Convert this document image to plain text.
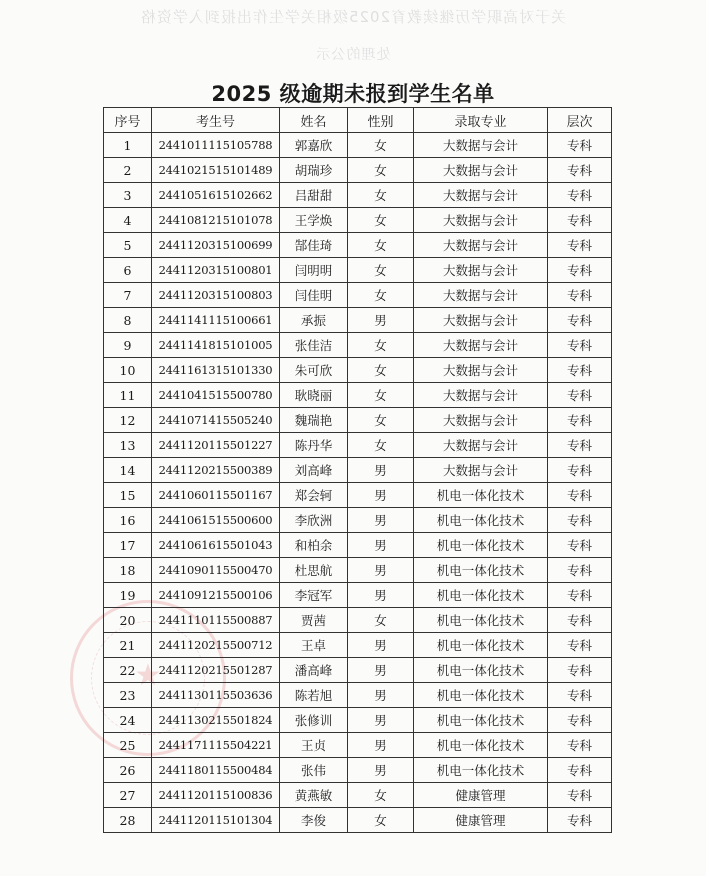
关于对高职学历继续教育2025级相关学生作出报到入学资格
处理的公示
2025 级逾期未报到学生名单
★
序号	考生号	姓名	性别	录取专业	层次
1	2441011115105788	郭嘉欣	女	大数据与会计	专科
2	2441021515101489	胡瑞珍	女	大数据与会计	专科
3	2441051615102662	吕甜甜	女	大数据与会计	专科
4	2441081215101078	王学焕	女	大数据与会计	专科
5	2441120315100699	郜佳琦	女	大数据与会计	专科
6	2441120315100801	闫明明	女	大数据与会计	专科
7	2441120315100803	闫佳明	女	大数据与会计	专科
8	2441141115100661	承振	男	大数据与会计	专科
9	2441141815101005	张佳洁	女	大数据与会计	专科
10	2441161315101330	朱可欣	女	大数据与会计	专科
11	2441041515500780	耿晓丽	女	大数据与会计	专科
12	2441071415505240	魏瑞艳	女	大数据与会计	专科
13	2441120115501227	陈丹华	女	大数据与会计	专科
14	2441120215500389	刘高峰	男	大数据与会计	专科
15	2441060115501167	郑会轲	男	机电一体化技术	专科
16	2441061515500600	李欣洲	男	机电一体化技术	专科
17	2441061615501043	和柏余	男	机电一体化技术	专科
18	2441090115500470	杜思航	男	机电一体化技术	专科
19	2441091215500106	李冠军	男	机电一体化技术	专科
20	2441110115500887	贾茜	女	机电一体化技术	专科
21	2441120215500712	王卓	男	机电一体化技术	专科
22	2441120215501287	潘高峰	男	机电一体化技术	专科
23	2441130115503636	陈若旭	男	机电一体化技术	专科
24	2441130215501824	张修训	男	机电一体化技术	专科
25	2441171115504221	王贞	男	机电一体化技术	专科
26	2441180115500484	张伟	男	机电一体化技术	专科
27	2441120115100836	黄燕敏	女	健康管理	专科
28	2441120115101304	李俊	女	健康管理	专科
